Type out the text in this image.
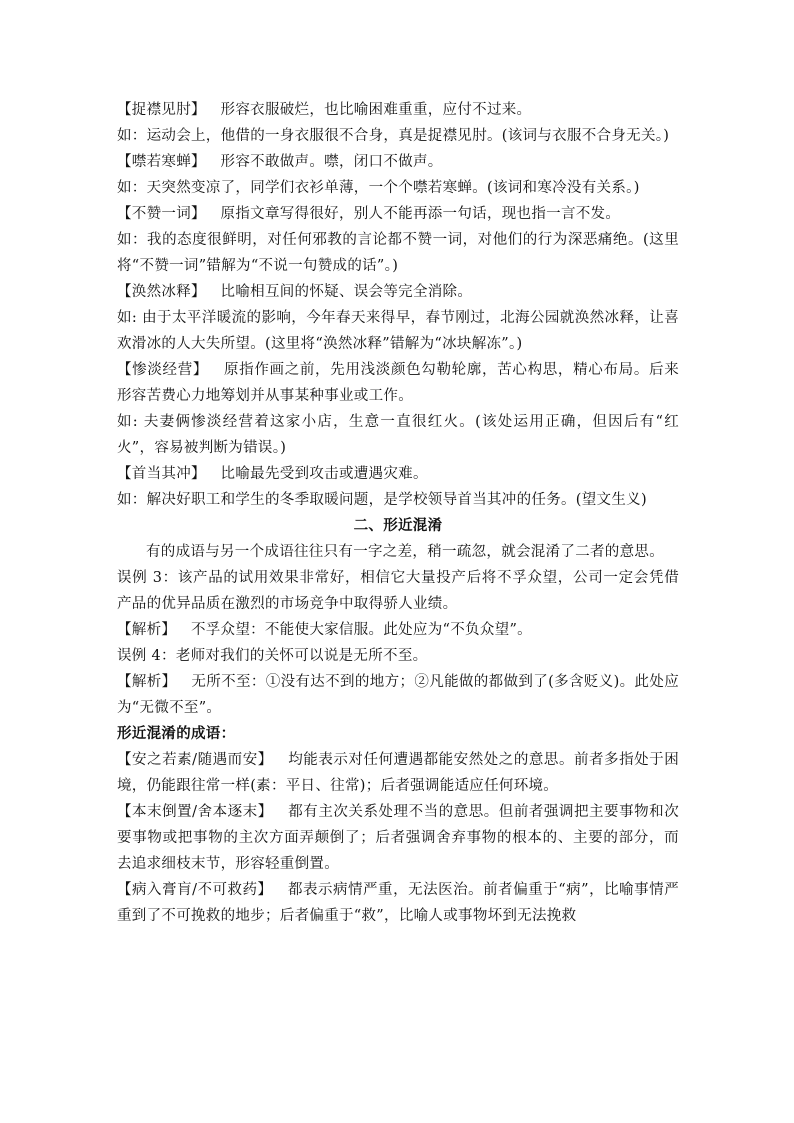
【捉襟见肘】 形容衣服破烂，也比喻困难重重，应付不过来。

如：运动会上，他借的一身衣服很不合身，真是捉襟见肘。(该词与衣服不合身无关。)

【噤若寒蝉】 形容不敢做声。噤，闭口不做声。

如：天突然变凉了，同学们衣衫单薄，一个个噤若寒蝉。(该词和寒冷没有关系。)

【不赞一词】 原指文章写得很好，别人不能再添一句话，现也指一言不发。

如：我的态度很鲜明，对任何邪教的言论都不赞一词，对他们的行为深恶痛绝。(这里将“不赞一词”错解为“不说一句赞成的话”。)

【涣然冰释】 比喻相互间的怀疑、误会等完全消除。

如: 由于太平洋暖流的影响，今年春天来得早，春节刚过，北海公园就涣然冰释，让喜欢滑冰的人大失所望。(这里将“涣然冰释”错解为“冰块解冻”。)

【惨淡经营】 原指作画之前，先用浅淡颜色勾勒轮廓，苦心构思，精心布局。后来形容苦费心力地筹划并从事某种事业或工作。

如: 夫妻俩惨淡经营着这家小店，生意一直很红火。(该处运用正确，但因后有“红火”，容易被判断为错误。)

【首当其冲】 比喻最先受到攻击或遭遇灾难。

如：解决好职工和学生的冬季取暖问题，是学校领导首当其冲的任务。(望文生义)

二、形近混淆

有的成语与另一个成语往往只有一字之差，稍一疏忽，就会混淆了二者的意思。

误例 3：该产品的试用效果非常好，相信它大量投产后将不孚众望，公司一定会凭借产品的优异品质在激烈的市场竞争中取得骄人业绩。

【解析】 不孚众望：不能使大家信服。此处应为“不负众望”。

误例 4：老师对我们的关怀可以说是无所不至。

【解析】 无所不至：①没有达不到的地方；②凡能做的都做到了(多含贬义)。此处应为“无微不至”。

形近混淆的成语：

【安之若素/随遇而安】 均能表示对任何遭遇都能安然处之的意思。前者多指处于困境，仍能跟往常一样(素：平日、往常)；后者强调能适应任何环境。

【本末倒置/舍本逐末】 都有主次关系处理不当的意思。但前者强调把主要事物和次要事物或把事物的主次方面弄颠倒了；后者强调舍弃事物的根本的、主要的部分，而去追求细枝末节，形容轻重倒置。

【病入膏肓/不可救药】 都表示病情严重，无法医治。前者偏重于“病”，比喻事情严重到了不可挽救的地步；后者偏重于“救”，比喻人或事物坏到无法挽救
